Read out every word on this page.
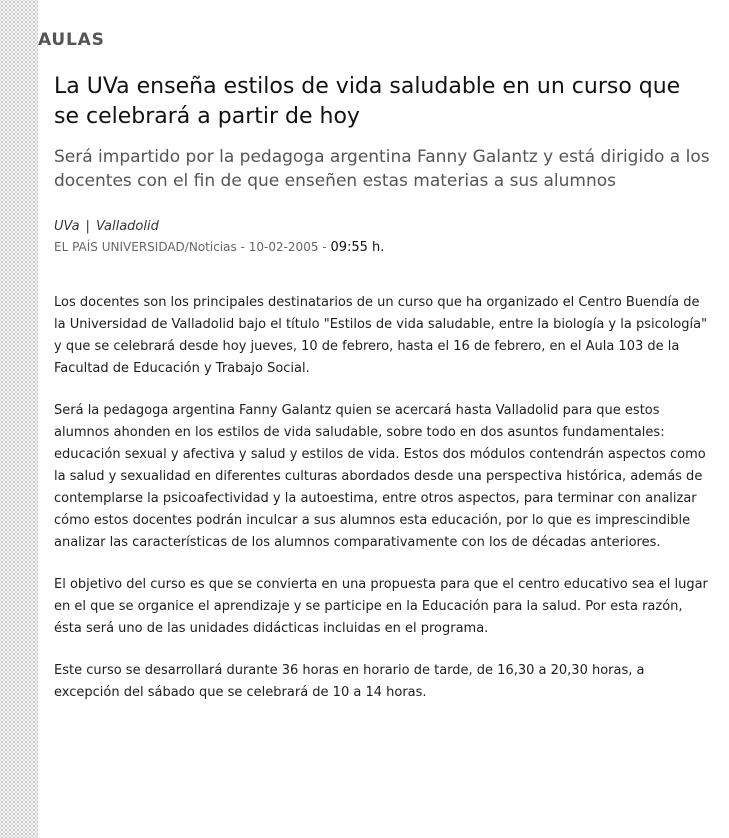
AULAS
La UVa enseña estilos de vida saludable en un curso que se celebrará a partir de hoy
Será impartido por la pedagoga argentina Fanny Galantz y está dirigido a los docentes con el fin de que enseñen estas materias a sus alumnos
UVa | Valladolid
EL PAÍS UNIVERSIDAD/Noticias - 10-02-2005 - 09:55 h.

Los docentes son los principales destinatarios de un curso que ha organizado el Centro Buendía de la Universidad de Valladolid bajo el título "Estilos de vida saludable, entre la biología y la psicología" y que se celebrará desde hoy jueves, 10 de febrero, hasta el 16 de febrero, en el Aula 103 de la Facultad de Educación y Trabajo Social.

Será la pedagoga argentina Fanny Galantz quien se acercará hasta Valladolid para que estos alumnos ahonden en los estilos de vida saludable, sobre todo en dos asuntos fundamentales: educación sexual y afectiva y salud y estilos de vida. Estos dos módulos contendrán aspectos como la salud y sexualidad en diferentes culturas abordados desde una perspectiva histórica, además de contemplarse la psicoafectividad y la autoestima, entre otros aspectos, para terminar con analizar cómo estos docentes podrán inculcar a sus alumnos esta educación, por lo que es imprescindible analizar las características de los alumnos comparativamente con los de décadas anteriores.

El objetivo del curso es que se convierta en una propuesta para que el centro educativo sea el lugar en el que se organice el aprendizaje y se participe en la Educación para la salud. Por esta razón, ésta será uno de las unidades didácticas incluidas en el programa.

Este curso se desarrollará durante 36 horas en horario de tarde, de 16,30 a 20,30 horas, a excepción del sábado que se celebrará de 10 a 14 horas.
